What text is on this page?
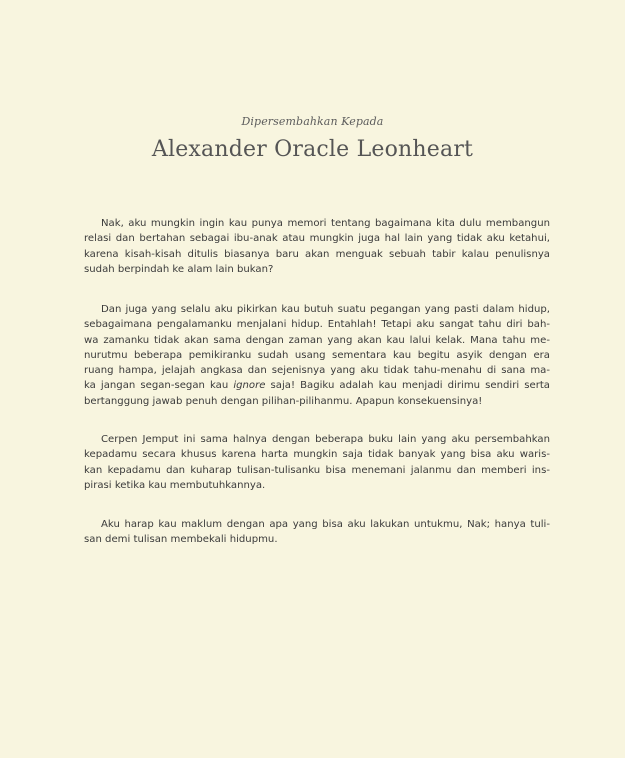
Dipersembahkan Kepada
Alexander Oracle Leonheart
Nak, aku mungkin ingin kau punya memori tentang bagaimana kita dulu membangun
relasi dan bertahan sebagai ibu-anak atau mungkin juga hal lain yang tidak aku ketahui,
karena kisah-kisah ditulis biasanya baru akan menguak sebuah tabir kalau penulisnya
sudah berpindah ke alam lain bukan?
Dan juga yang selalu aku pikirkan kau butuh suatu pegangan yang pasti dalam hidup,
sebagaimana pengalamanku menjalani hidup. Entahlah! Tetapi aku sangat tahu diri bah-
wa zamanku tidak akan sama dengan zaman yang akan kau lalui kelak. Mana tahu me-
nurutmu beberapa pemikiranku sudah usang sementara kau begitu asyik dengan era
ruang hampa, jelajah angkasa dan sejenisnya yang aku tidak tahu-menahu di sana ma-
ka jangan segan-segan kau ignore saja! Bagiku adalah kau menjadi dirimu sendiri serta
bertanggung jawab penuh dengan pilihan-pilihanmu. Apapun konsekuensinya!
Cerpen Jemput ini sama halnya dengan beberapa buku lain yang aku persembahkan
kepadamu secara khusus karena harta mungkin saja tidak banyak yang bisa aku waris-
kan kepadamu dan kuharap tulisan-tulisanku bisa menemani jalanmu dan memberi ins-
pirasi ketika kau membutuhkannya.
Aku harap kau maklum dengan apa yang bisa aku lakukan untukmu, Nak; hanya tuli-
san demi tulisan membekali hidupmu.
